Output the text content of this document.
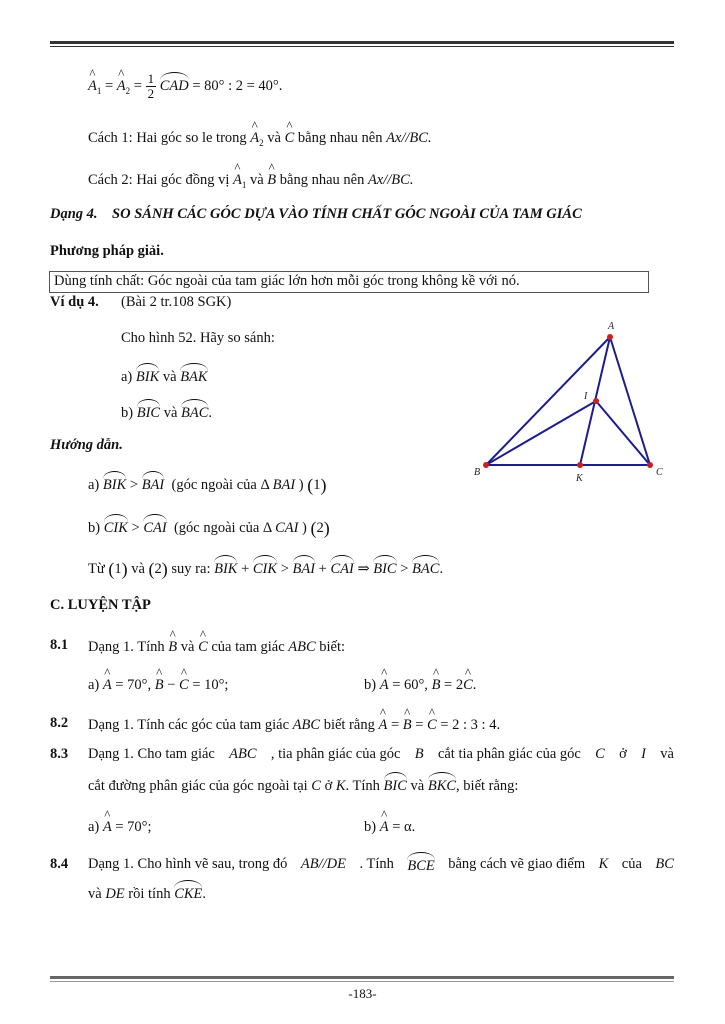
^ $A_1$ = ^ $A_2 = \frac{1}{2}$ CAD = 80° : 2 = 40°.
Cách 1: Hai góc so le trong ^ $A_2$ và ^ C bằng nhau nên Ax//BC.
Cách 2: Hai góc đồng vị ^ $A_1$ và ^ B bằng nhau nên Ax//BC.
Dạng 4. SO SÁNH CÁC GÓC DỰA VÀO TÍNH CHẤT GÓC NGOÀI CỦA TAM GIÁC
Phương pháp giải.
Dùng tính chất: Góc ngoài của tam giác lớn hơn mỗi góc trong không kề với nó.
Ví dụ 4. (Bài 2 tr.108 SGK)
Cho hình 52. Hãy so sánh:
a) BIK và BAK
b) BIC và BAC.
A
I
B
K
C
Hướng dẫn.
a) BIK > BAI (góc ngoài của Δ BAI ) (1)
b) CIK > CAI (góc ngoài của Δ CAI ) (2)
Từ (1) và (2) suy ra: BIK + CIK > BAI + CAI ⇒ BIC > BAC.
C. LUYỆN TẬP
8.1 Dạng 1. Tính ^ B và ^ C của tam giác ABC biết:
a) ^ A = 70°, ^ B − ^ C = 10°;	b) ^ A = 60°, ^ B = 2^ C.
8.2 Dạng 1. Tính các góc của tam giác ABC biết rằng ^ A = ^ B = ^ C = 2 : 3 : 4.
8.3 Dạng 1. Cho tam giác ABC , tia phân giác của góc B cắt tia phân giác của góc C ở I và
cắt đường phân giác của góc ngoài tại C ở K. Tính BIC và BKC, biết rằng:
a) ^ A = 70°;	b) ^ A = α.
8.4 Dạng 1. Cho hình vẽ sau, trong đó AB//DE . Tính BCE bằng cách vẽ giao điểm K của BC
và DE rồi tính CKE.
-183-
